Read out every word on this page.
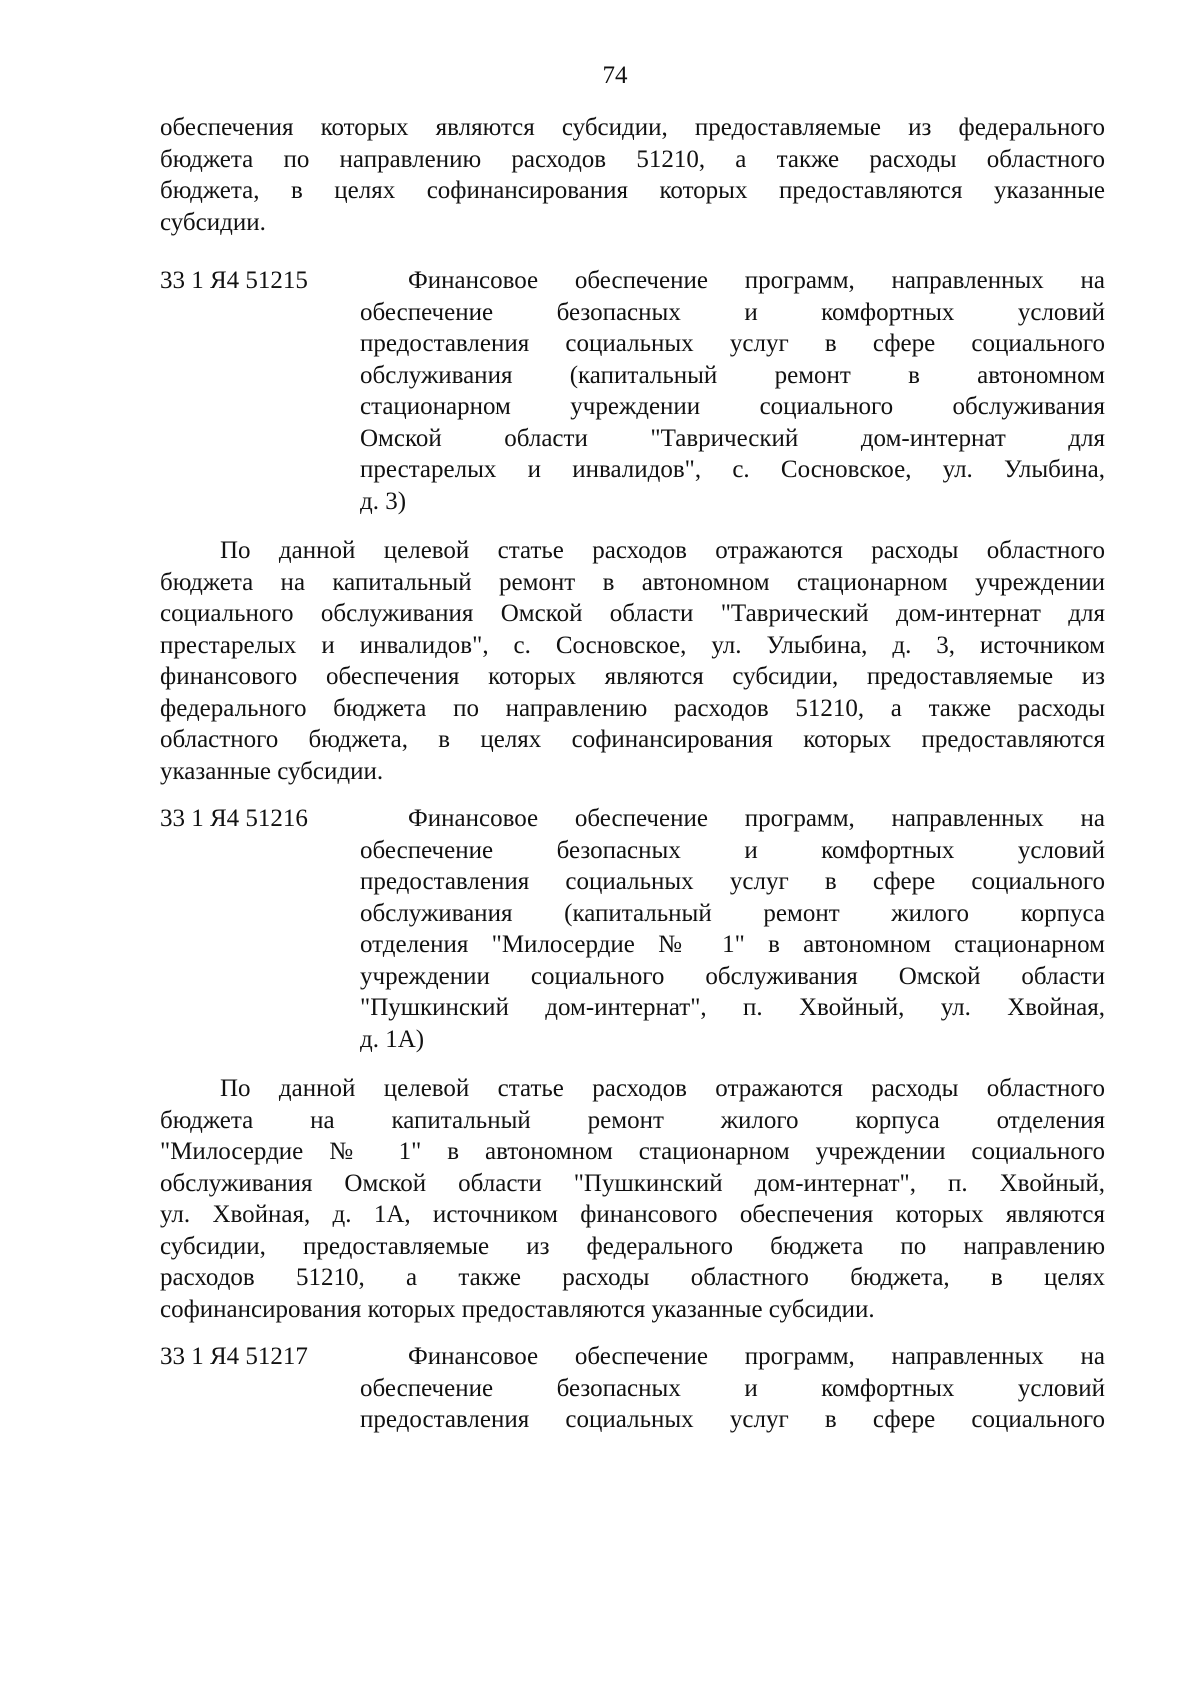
74
обеспечения которых являются субсидии, предоставляемые из федерального
бюджета по направлению расходов 51210, а также расходы областного
бюджета, в целях софинансирования которых предоставляются указанные
субсидии.
33 1 Я4 51215	Финансовое обеспечение программ, направленных на
обеспечение безопасных и комфортных условий
предоставления социальных услуг в сфере социального
обслуживания (капитальный ремонт в автономном
стационарном учреждении социального обслуживания
Омской области "Таврический дом-интернат для
престарелых и инвалидов", с. Сосновское, ул. Улыбина,
д. 3)
По данной целевой статье расходов отражаются расходы областного
бюджета на капитальный ремонт в автономном стационарном учреждении
социального обслуживания Омской области "Таврический дом-интернат для
престарелых и инвалидов", с. Сосновское, ул. Улыбина, д. 3, источником
финансового обеспечения которых являются субсидии, предоставляемые из
федерального бюджета по направлению расходов 51210, а также расходы
областного бюджета, в целях софинансирования которых предоставляются
указанные субсидии.
33 1 Я4 51216	Финансовое обеспечение программ, направленных на
обеспечение безопасных и комфортных условий
предоставления социальных услуг в сфере социального
обслуживания (капитальный ремонт жилого корпуса
отделения "Милосердие № 1" в автономном стационарном
учреждении социального обслуживания Омской области
"Пушкинский дом-интернат", п. Хвойный, ул. Хвойная,
д. 1А)
По данной целевой статье расходов отражаются расходы областного
бюджета на капитальный ремонт жилого корпуса отделения
"Милосердие № 1" в автономном стационарном учреждении социального
обслуживания Омской области "Пушкинский дом-интернат", п. Хвойный,
ул. Хвойная, д. 1А, источником финансового обеспечения которых являются
субсидии, предоставляемые из федерального бюджета по направлению
расходов 51210, а также расходы областного бюджета, в целях
софинансирования которых предоставляются указанные субсидии.
33 1 Я4 51217	Финансовое обеспечение программ, направленных на
обеспечение безопасных и комфортных условий
предоставления социальных услуг в сфере социального
